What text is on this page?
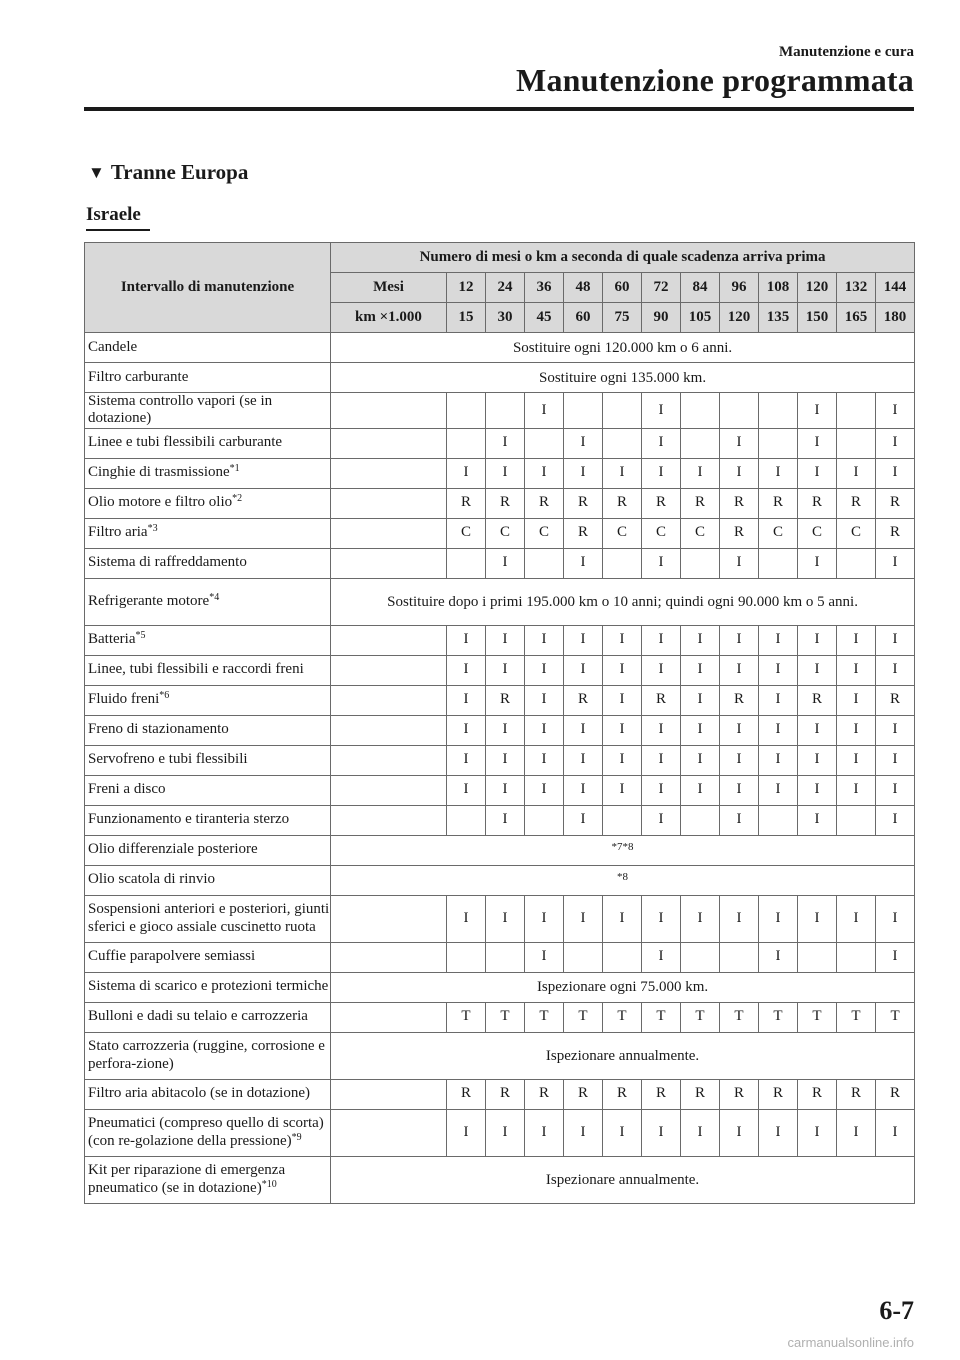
Manutenzione e cura
Manutenzione programmata
▼ Tranne Europa
Israele
Intervallo di manutenzione	Numero di mesi o km a seconda di quale scadenza arriva prima												
	Mesi	12	24	36	48	60	72	84	96	108	120	132	144
	km ×1.000	15	30	45	60	75	90	105	120	135	150	165	180
Candele	Sostituire ogni 120.000 km o 6 anni.												
Filtro carburante	Sostituire ogni 135.000 km.												
Sistema controllo vapori (se in dotazione)				I			I				I		I
Linee e tubi flessibili carburante			I		I		I		I		I		I
Cinghie di trasmissione$^{*1}$		I	I	I	I	I	I	I	I	I	I	I	I
Olio motore e filtro olio$^{*2}$		R	R	R	R	R	R	R	R	R	R	R	R
Filtro aria$^{*3}$		C	C	C	R	C	C	C	R	C	C	C	R
Sistema di raffreddamento			I		I		I		I		I		I
Refrigerante motore$^{*4}$	Sostituire dopo i primi 195.000 km o 10 anni; quindi ogni 90.000 km o 5 anni.												
Batteria$^{*5}$		I	I	I	I	I	I	I	I	I	I	I	I
Linee, tubi flessibili e raccordi freni		I	I	I	I	I	I	I	I	I	I	I	I
Fluido freni$^{*6}$		I	R	I	R	I	R	I	R	I	R	I	R
Freno di stazionamento		I	I	I	I	I	I	I	I	I	I	I	I
Servofreno e tubi flessibili		I	I	I	I	I	I	I	I	I	I	I	I
Freni a disco		I	I	I	I	I	I	I	I	I	I	I	I
Funzionamento e tiranteria sterzo			I		I		I		I		I		I
Olio differenziale posteriore	$^{*7*8}$
Olio scatola di rinvio	$^{*8}$
Sospensioni anteriori e posteriori, giunti sferici e gioco assiale cuscinetto ruota		I	I	I	I	I	I	I	I	I	I	I	I
Cuffie parapolvere semiassi				I			I			I			I
Sistema di scarico e protezioni termiche	Ispezionare ogni 75.000 km.												
Bulloni e dadi su telaio e carrozzeria		T	T	T	T	T	T	T	T	T	T	T	T
Stato carrozzeria (ruggine, corrosione e perfora-zione)	Ispezionare annualmente.												
Filtro aria abitacolo (se in dotazione)		R	R	R	R	R	R	R	R	R	R	R	R
Pneumatici (compreso quello di scorta) (con re-golazione della pressione)$^{*9}$		I	I	I	I	I	I	I	I	I	I	I	I
Kit per riparazione di emergenza pneumatico (se in dotazione)$^{*10}$	Ispezionare annualmente.												
6-7
carmanualsonline.info
